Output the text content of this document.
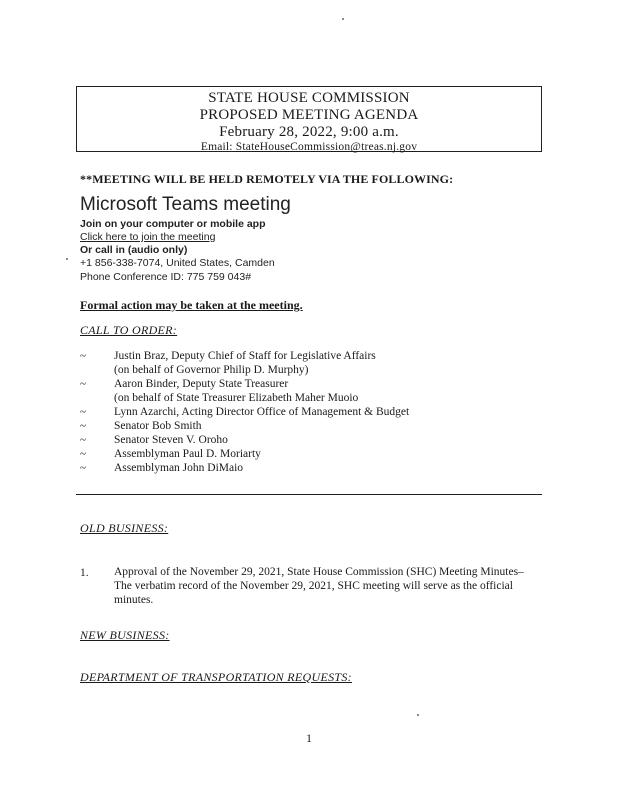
STATE HOUSE COMMISSION
PROPOSED MEETING AGENDA
February 28, 2022, 9:00 a.m.
Email: StateHouseCommission@treas.nj.gov
**MEETING WILL BE HELD REMOTELY VIA THE FOLLOWING:
Microsoft Teams meeting
Join on your computer or mobile app
Click here to join the meeting
Or call in (audio only)
+1 856-338-7074, United States, Camden
Phone Conference ID: 775 759 043#
Formal action may be taken at the meeting.
CALL TO ORDER:
~ Justin Braz, Deputy Chief of Staff for Legislative Affairs
(on behalf of Governor Philip D. Murphy)
~ Aaron Binder, Deputy State Treasurer
(on behalf of State Treasurer Elizabeth Maher Muoio
~ Lynn Azarchi, Acting Director Office of Management & Budget
~ Senator Bob Smith
~ Senator Steven V. Oroho
~ Assemblyman Paul D. Moriarty
~ Assemblyman John DiMaio
OLD BUSINESS:
1. Approval of the November 29, 2021, State House Commission (SHC) Meeting Minutes– The verbatim record of the November 29, 2021, SHC meeting will serve as the official minutes.
NEW BUSINESS:
DEPARTMENT OF TRANSPORTATION REQUESTS:
1
